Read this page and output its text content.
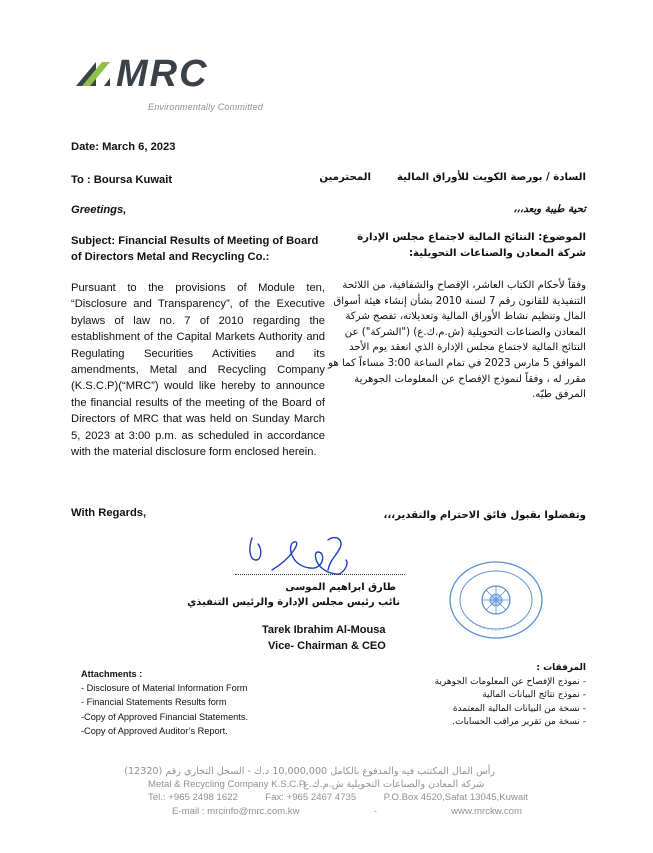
MRC
Environmentally Committed
Date: March 6, 2023
To : Boursa Kuwait
Greetings,
Subject: Financial Results of Meeting of Board of Directors Metal and Recycling Co.:
Pursuant to the provisions of Module ten, “Disclosure and Transparency”, of the Executive bylaws of law no. 7 of 2010 regarding the establishment of the Capital Markets Authority and Regulating Securities Activities and its amendments, Metal and Recycling Company (K.S.C.P)(“MRC”) would like hereby to announce the financial results of the meeting of the Board of Directors of MRC that was held on Sunday March 5, 2023 at 3:00 p.m. as scheduled in accordance with the material disclosure form enclosed herein.
With Regards,
السادة / بورصة الكويت للأوراق الماليةالمحترمين
تحية طيبة وبعد،،،
الموضوع: النتائج المالية لاجتماع مجلس الإدارة شركة المعادن والصناعات التحويلية:
وفقاً لأحكام الكتاب العاشر، الإفصاح والشفافية، من اللائحة التنفيذية للقانون رقم 7 لسنة 2010 بشأن إنشاء هيئة أسواق المال وتنظيم نشاط الأوراق المالية وتعديلاته، تفصح شركة المعادن والصناعات التحويلية (ش.م.ك.ع) ("الشركة") عن النتائج المالية لاجتماع مجلس الإدارة الذي انعقد يوم الأحد الموافق 5 مارس 2023 في تمام الساعة 3:00 مساءاً كما هو مقرر له ، وفقاً لنموذج الإفصاح عن المعلومات الجوهرية المرفق طيّه.
وتفضلوا بقبول فائق الاحترام والتقدير،،،
طارق ابراهيم الموسى
نائب رئيس مجلس الإدارة والرئيس التنفيذي
Tarek Ibrahim Al-Mousa
Vice- Chairman & CEO
Attachments :
- Disclosure of Material Information Form
- Financial Statements Results form
-Copy of Approved Financial Statements.
-Copy of Approved Auditor’s Report.
المرفقات :
- نموذج الإفصاح عن المعلومات الجوهرية
- نموذج نتائج البيانات المالية
- نسخة من البيانات المالية المعتمدة
- نسخة من تقرير مراقب الحسابات.
رأس المال المكتتب فيه والمدفوع بالكامل 10,000,000 د.ك - السجل التجاري رقم (12320)
Metal & Recycling Company K.S.C.P.
شركة المعادن والصناعات التحويلية ش.م.ك.ع
Tel.: +965 2498 1622	Fax: +965 2467 4735	P.O.Box 4520,Safat 13045,Kuwait
E-mail : mrcinfo@mrc.com.kw	-	www.mrckw.com
